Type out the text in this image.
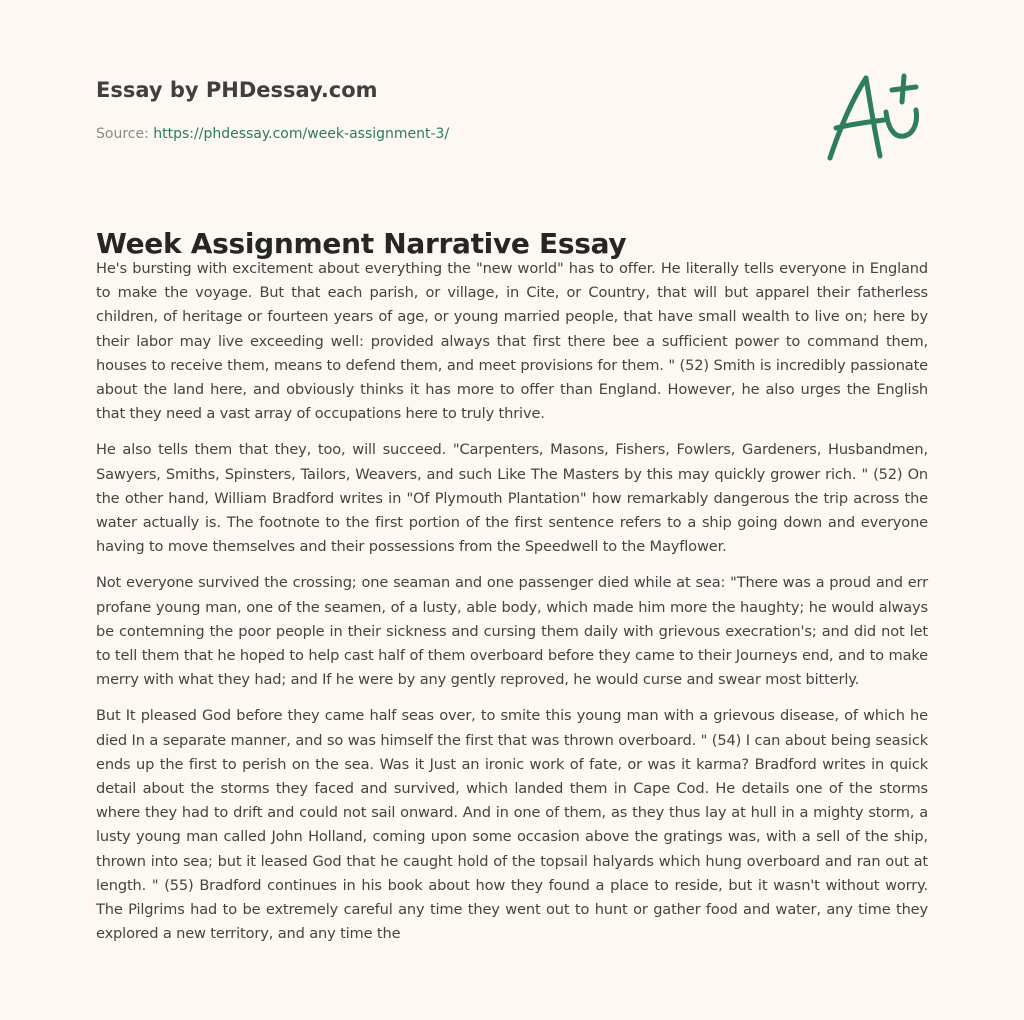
Essay by PHDessay.com
Source: https://phdessay.com/week-assignment-3/
Week Assignment Narrative Essay

He's bursting with excitement about everything the "new world" has to offer. He literally tells everyone in England to make the voyage. But that each parish, or village, in Cite, or Country, that will but apparel their fatherless children, of heritage or fourteen years of age, or young married people, that have small wealth to live on; here by their labor may live exceeding well: provided always that first there bee a sufficient power to command them, houses to receive them, means to defend them, and meet provisions for them. " (52) Smith is incredibly passionate about the land here, and obviously thinks it has more to offer than England. However, he also urges the English that they need a vast array of occupations here to truly thrive.

He also tells them that they, too, will succeed. "Carpenters, Masons, Fishers, Fowlers, Gardeners, Husbandmen, Sawyers, Smiths, Spinsters, Tailors, Weavers, and such Like The Masters by this may quickly grower rich. " (52) On the other hand, William Bradford writes in "Of Plymouth Plantation" how remarkably dangerous the trip across the water actually is. The footnote to the first portion of the first sentence refers to a ship going down and everyone having to move themselves and their possessions from the Speedwell to the Mayflower.

Not everyone survived the crossing; one seaman and one passenger died while at sea: "There was a proud and err profane young man, one of the seamen, of a lusty, able body, which made him more the haughty; he would always be contemning the poor people in their sickness and cursing them daily with grievous execration's; and did not let to tell them that he hoped to help cast half of them overboard before they came to their Journeys end, and to make merry with what they had; and If he were by any gently reproved, he would curse and swear most bitterly.

But It pleased God before they came half seas over, to smite this young man with a grievous disease, of which he died In a separate manner, and so was himself the first that was thrown overboard. " (54) I can about being seasick ends up the first to perish on the sea. Was it Just an ironic work of fate, or was it karma? Bradford writes in quick detail about the storms they faced and survived, which landed them in Cape Cod. He details one of the storms where they had to drift and could not sail onward. And in one of them, as they thus lay at hull in a mighty storm, a lusty young man called John Holland, coming upon some occasion above the gratings was, with a sell of the ship, thrown into sea; but it leased God that he caught hold of the topsail halyards which hung overboard and ran out at length. " (55) Bradford continues in his book about how they found a place to reside, but it wasn't without worry. The Pilgrims had to be extremely careful any time they went out to hunt or gather food and water, any time they explored a new territory, and any time the
